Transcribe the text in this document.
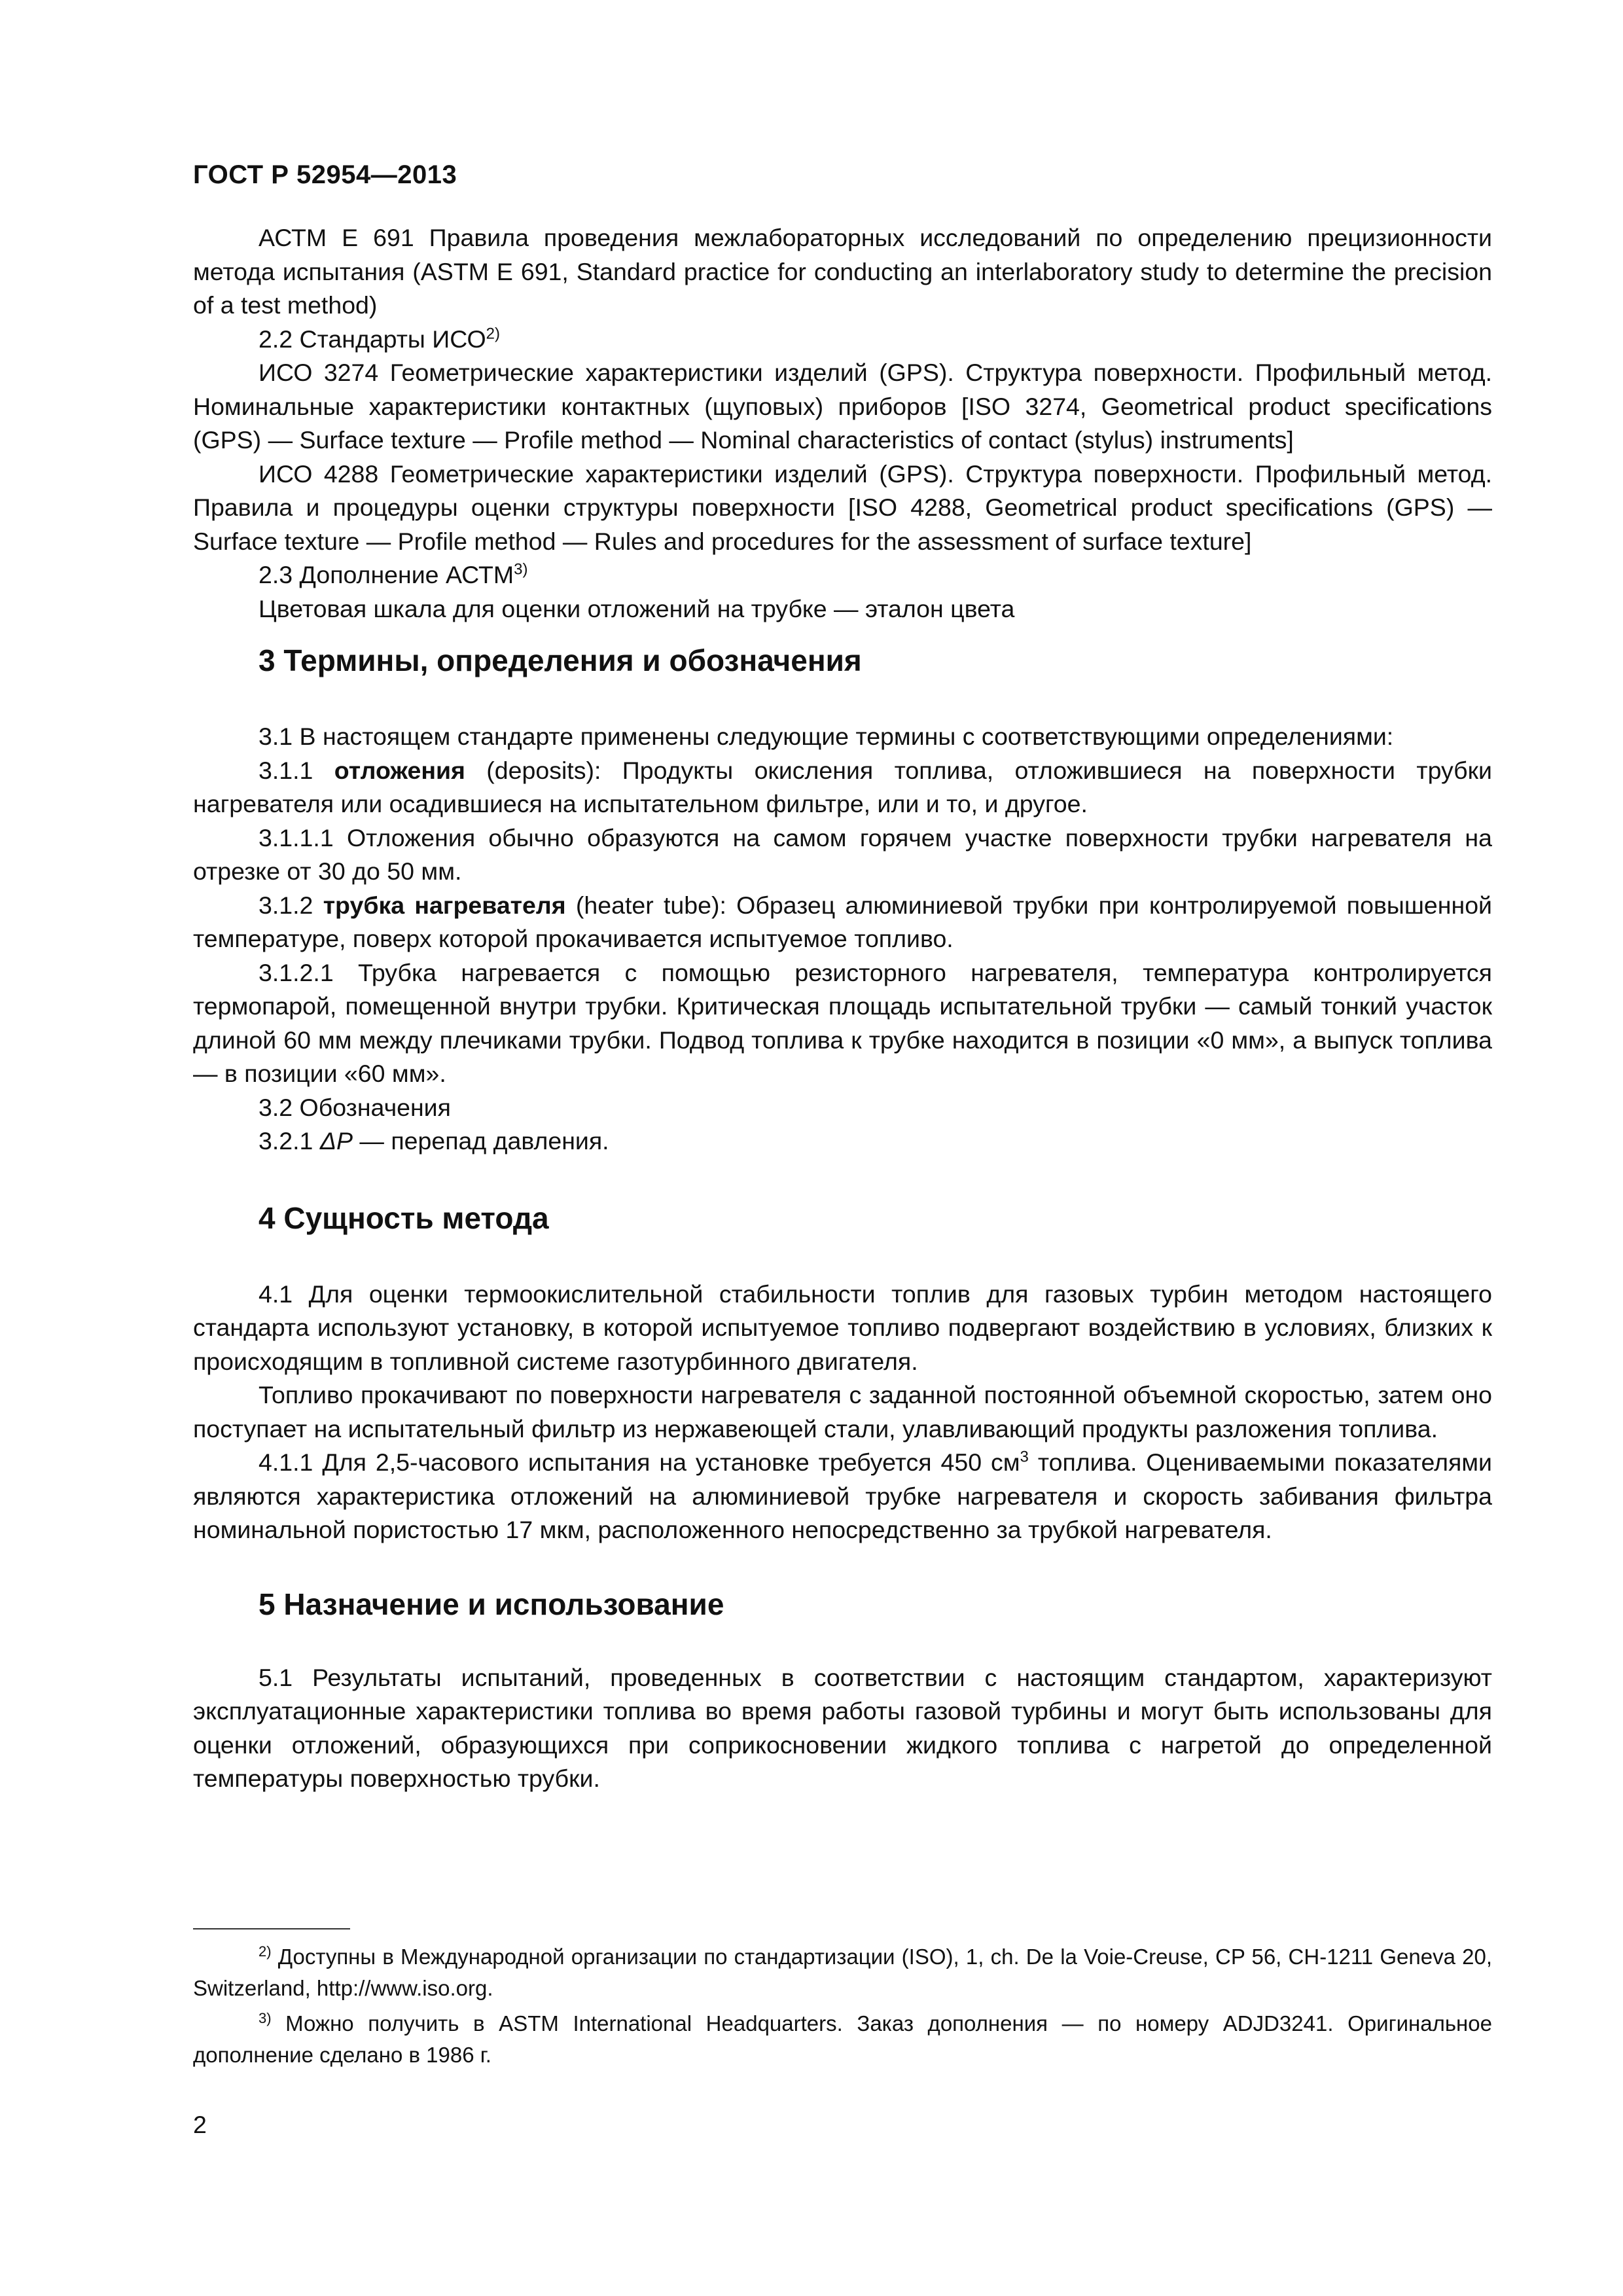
ГОСТ Р 52954—2013

АСТМ E 691 Правила проведения межлабораторных исследований по определению прецизионности метода испытания (ASTM E 691, Standard practice for conducting an interlaboratory study to determine the precision of a test method)

2.2 Стандарты ИСО$^{2)}$

ИСО 3274 Геометрические характеристики изделий (GPS). Структура поверхности. Профильный метод. Номинальные характеристики контактных (щуповых) приборов [ISO 3274, Geometrical product specifications (GPS) — Surface texture — Profile method — Nominal characteristics of contact (stylus) instruments]

ИСО 4288 Геометрические характеристики изделий (GPS). Структура поверхности. Профильный метод. Правила и процедуры оценки структуры поверхности [ISO 4288, Geometrical product specifications (GPS) — Surface texture — Profile method — Rules and procedures for the assessment of surface texture]

2.3 Дополнение АСТМ$^{3)}$

Цветовая шкала для оценки отложений на трубке — эталон цвета

3 Термины, определения и обозначения

3.1 В настоящем стандарте применены следующие термины с соответствующими определениями:

3.1.1 отложения (deposits): Продукты окисления топлива, отложившиеся на поверхности трубки нагревателя или осадившиеся на испытательном фильтре, или и то, и другое.

3.1.1.1 Отложения обычно образуются на самом горячем участке поверхности трубки нагревателя на отрезке от 30 до 50 мм.

3.1.2 трубка нагревателя (heater tube): Образец алюминиевой трубки при контролируемой повышенной температуре, поверх которой прокачивается испытуемое топливо.

3.1.2.1 Трубка нагревается с помощью резисторного нагревателя, температура контролируется термопарой, помещенной внутри трубки. Критическая площадь испытательной трубки — самый тонкий участок длиной 60 мм между плечиками трубки. Подвод топлива к трубке находится в позиции «0 мм», а выпуск топлива — в позиции «60 мм».

3.2 Обозначения

3.2.1 ΔP — перепад давления.

4 Сущность метода

4.1 Для оценки термоокислительной стабильности топлив для газовых турбин методом настоящего стандарта используют установку, в которой испытуемое топливо подвергают воздействию в условиях, близких к происходящим в топливной системе газотурбинного двигателя.

Топливо прокачивают по поверхности нагревателя с заданной постоянной объемной скоростью, затем оно поступает на испытательный фильтр из нержавеющей стали, улавливающий продукты разложения топлива.

4.1.1 Для 2,5-часового испытания на установке требуется 450 $см^3$ топлива. Оцениваемыми показателями являются характеристика отложений на алюминиевой трубке нагревателя и скорость забивания фильтра номинальной пористостью 17 мкм, расположенного непосредственно за трубкой нагревателя.

5 Назначение и использование

5.1 Результаты испытаний, проведенных в соответствии с настоящим стандартом, характеризуют эксплуатационные характеристики топлива во время работы газовой турбины и могут быть использованы для оценки отложений, образующихся при соприкосновении жидкого топлива с нагретой до определенной температуры поверхностью трубки.

$^{2)}$ Доступны в Международной организации по стандартизации (ISO), 1, ch. De la Voie-Creuse, CP 56, CH-1211 Geneva 20, Switzerland, http://www.iso.org.

$^{3)}$ Можно получить в ASTM International Headquarters. Заказ дополнения — по номеру ADJD3241. Оригинальное дополнение сделано в 1986 г.

2
